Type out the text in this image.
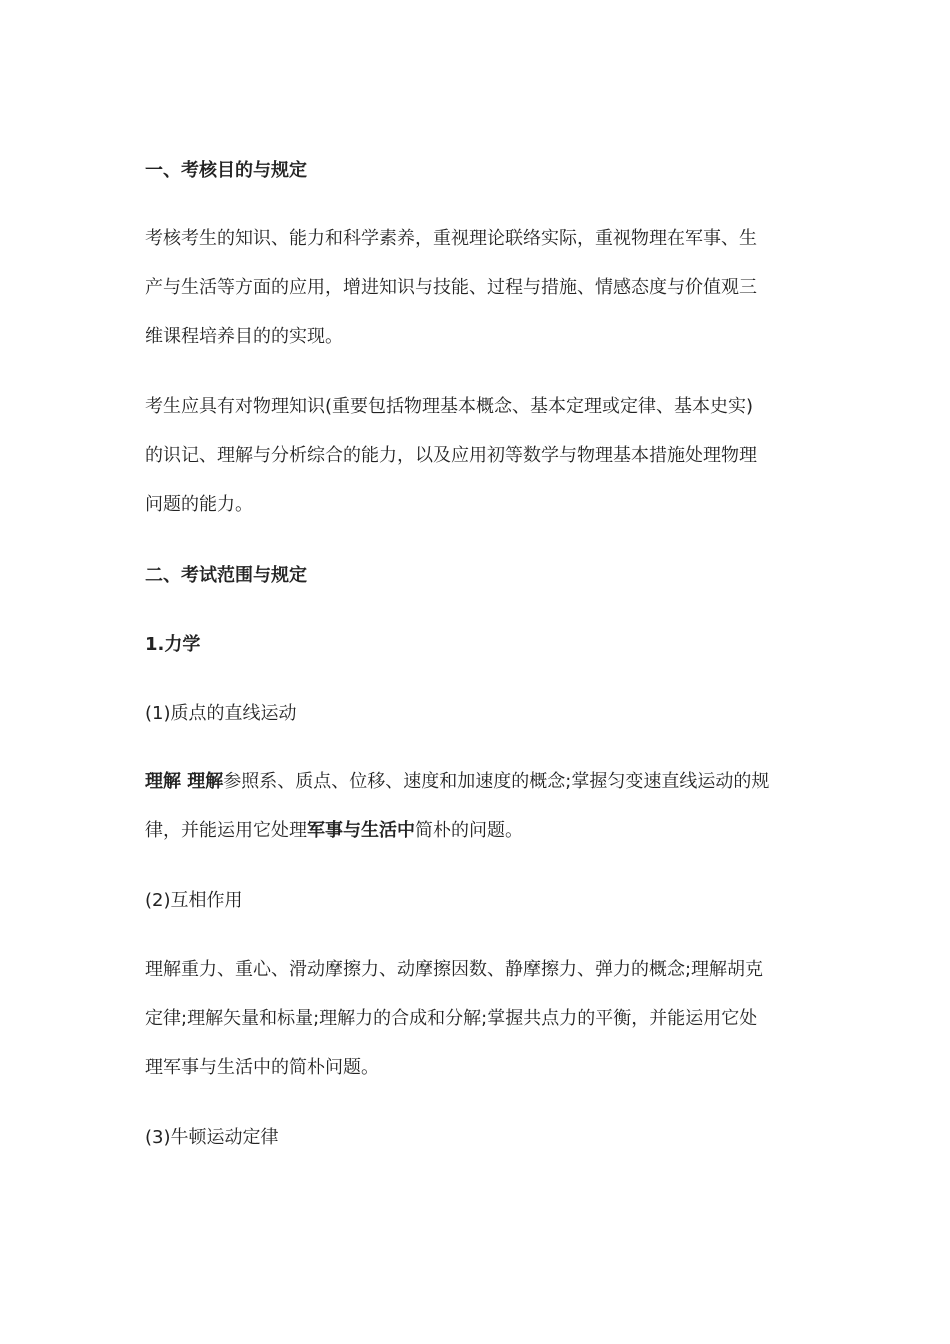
一、考核目的与规定

考核考生的知识、能力和科学素养，重视理论联络实际，重视物理在军事、生
产与生活等方面的应用，增进知识与技能、过程与措施、情感态度与价值观三
维课程培养目的的实现。

考生应具有对物理知识(重要包括物理基本概念、基本定理或定律、基本史实)
的识记、理解与分析综合的能力，以及应用初等数学与物理基本措施处理物理
问题的能力。

二、考试范围与规定

1.力学

(1)质点的直线运动

理解 理解参照系、质点、位移、速度和加速度的概念;掌握匀变速直线运动的规
律，并能运用它处理军事与生活中简朴的问题。

(2)互相作用

理解重力、重心、滑动摩擦力、动摩擦因数、静摩擦力、弹力的概念;理解胡克
定律;理解矢量和标量;理解力的合成和分解;掌握共点力的平衡，并能运用它处
理军事与生活中的简朴问题。

(3)牛顿运动定律
